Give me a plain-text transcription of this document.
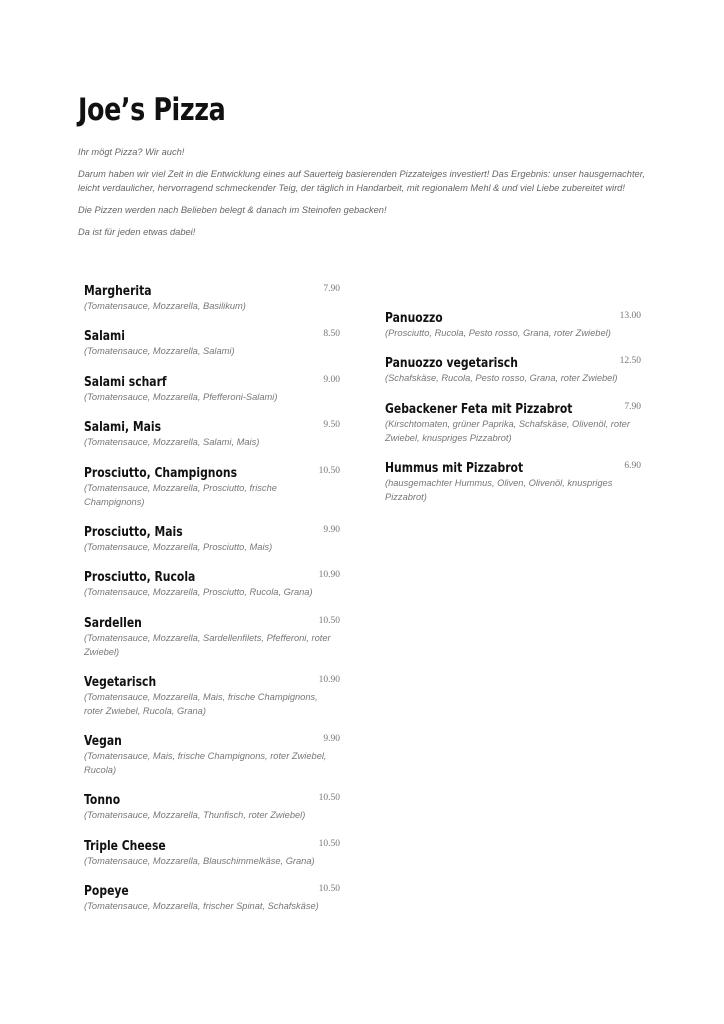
Joe’s Pizza

Ihr mögt Pizza? Wir auch!

Darum haben wir viel Zeit in die Entwicklung eines auf Sauerteig basierenden Pizzateiges investiert! Das Ergebnis: unser hausgemachter, leicht verdaulicher, hervorragend schmeckender Teig, der täglich in Handarbeit, mit regionalem Mehl & und viel Liebe zubereitet wird!

Die Pizzen werden nach Belieben belegt & danach im Steinofen gebacken!

Da ist für jeden etwas dabei!

Margherita	7.90
(Tomatensauce, Mozzarella, Basilikum)
Salami	8.50
(Tomatensauce, Mozzarella, Salami)
Salami scharf	9.00
(Tomatensauce, Mozzarella, Pfefferoni-Salami)
Salami, Mais	9.50
(Tomatensauce, Mozzarella, Salami, Mais)
Prosciutto, Champignons	10.50
(Tomatensauce, Mozzarella, Prosciutto, frische Champignons)
Prosciutto, Mais	9.90
(Tomatensauce, Mozzarella, Prosciutto, Mais)
Prosciutto, Rucola	10.90
(Tomatensauce, Mozzarella, Prosciutto, Rucola, Grana)
Sardellen	10.50
(Tomatensauce, Mozzarella, Sardellenfilets, Pfefferoni, roter Zwiebel)
Vegetarisch	10.90
(Tomatensauce, Mozzarella, Mais, frische Champignons, roter Zwiebel, Rucola, Grana)
Vegan	9.90
(Tomatensauce, Mais, frische Champignons, roter Zwiebel, Rucola)
Tonno	10.50
(Tomatensauce, Mozzarella, Thunfisch, roter Zwiebel)
Triple Cheese	10.50
(Tomatensauce, Mozzarella, Blauschimmelkäse, Grana)
Popeye	10.50
(Tomatensauce, Mozzarella, frischer Spinat, Schafskäse)
Panuozzo	13.00
(Prosciutto, Rucola, Pesto rosso, Grana, roter Zwiebel)
Panuozzo vegetarisch	12.50
(Schafskäse, Rucola, Pesto rosso, Grana, roter Zwiebel)
Gebackener Feta mit Pizzabrot	7.90
(Kirschtomaten, grüner Paprika, Schafskäse, Olivenöl, roter Zwiebel, knuspriges Pizzabrot)
Hummus mit Pizzabrot	6.90
(hausgemachter Hummus, Oliven, Olivenöl, knuspriges Pizzabrot)
